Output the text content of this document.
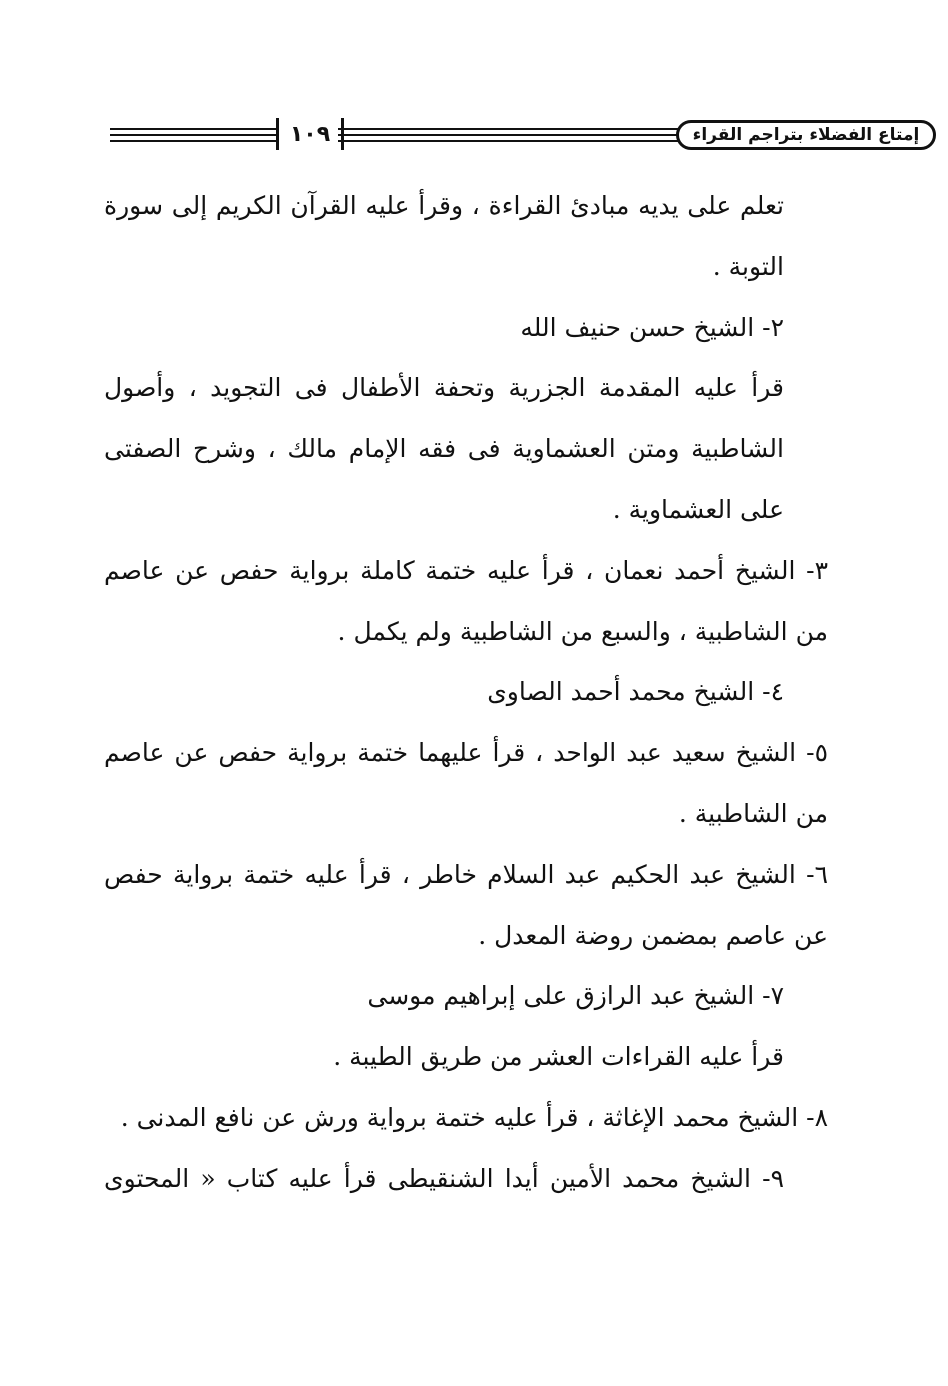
١٠٩	إمتاع الفضلاء بتراجم القراء

تعلم على يديه مبادئ القراءة ، وقرأ عليه القرآن الكريم إلى سورة التوبة .

٢- الشيخ حسن حنيف الله

قرأ عليه المقدمة الجزرية وتحفة الأطفال فى التجويد ، وأصول الشاطبية ومتن العشماوية فى فقه الإمام مالك ، وشرح الصفتى على العشماوية .

٣- الشيخ أحمد نعمان ، قرأ عليه ختمة كاملة برواية حفص عن عاصم من الشاطبية ، والسبع من الشاطبية ولم يكمل .

٤- الشيخ محمد أحمد الصاوى

٥- الشيخ سعيد عبد الواحد ، قرأ عليهما ختمة برواية حفص عن عاصم من الشاطبية .

٦- الشيخ عبد الحكيم عبد السلام خاطر ، قرأ عليه ختمة برواية حفص عن عاصم بمضمن روضة المعدل .

٧- الشيخ عبد الرازق على إبراهيم موسى

قرأ عليه القراءات العشر من طريق الطيبة .

٨- الشيخ محمد الإغاثة ، قرأ عليه ختمة برواية ورش عن نافع المدنى .

٩- الشيخ محمد الأمين أيدا الشنقيطى قرأ عليه كتاب « المحتوى
